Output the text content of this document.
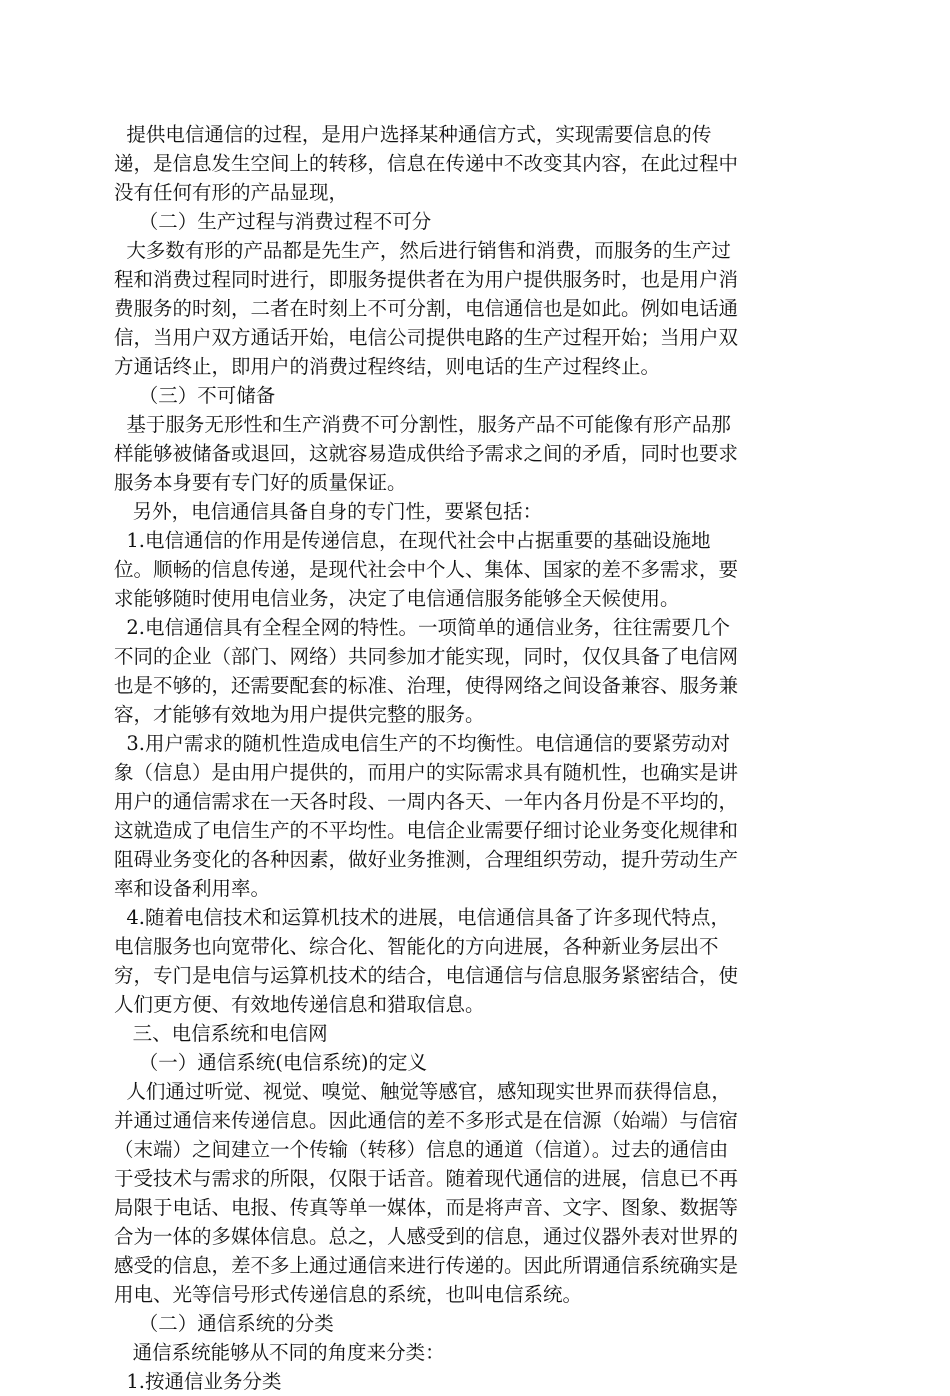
提供电信通信的过程，是用户选择某种通信方式，实现需要信息的传
递，是信息发生空间上的转移，信息在传递中不改变其内容，在此过程中
没有任何有形的产品显现，
（二）生产过程与消费过程不可分
大多数有形的产品都是先生产，然后进行销售和消费，而服务的生产过
程和消费过程同时进行，即服务提供者在为用户提供服务时，也是用户消
费服务的时刻，二者在时刻上不可分割，电信通信也是如此。例如电话通
信，当用户双方通话开始，电信公司提供电路的生产过程开始；当用户双
方通话终止，即用户的消费过程终结，则电话的生产过程终止。
（三）不可储备
基于服务无形性和生产消费不可分割性，服务产品不可能像有形产品那
样能够被储备或退回，这就容易造成供给予需求之间的矛盾，同时也要求
服务本身要有专门好的质量保证。
另外，电信通信具备自身的专门性，要紧包括：
1.电信通信的作用是传递信息，在现代社会中占据重要的基础设施地
位。顺畅的信息传递，是现代社会中个人、集体、国家的差不多需求，要
求能够随时使用电信业务，决定了电信通信服务能够全天候使用。
2.电信通信具有全程全网的特性。一项简单的通信业务，往往需要几个
不同的企业（部门、网络）共同参加才能实现，同时，仅仅具备了电信网
也是不够的，还需要配套的标准、治理，使得网络之间设备兼容、服务兼
容，才能够有效地为用户提供完整的服务。
3.用户需求的随机性造成电信生产的不均衡性。电信通信的要紧劳动对
象（信息）是由用户提供的，而用户的实际需求具有随机性，也确实是讲
用户的通信需求在一天各时段、一周内各天、一年内各月份是不平均的，
这就造成了电信生产的不平均性。电信企业需要仔细讨论业务变化规律和
阻碍业务变化的各种因素，做好业务推测，合理组织劳动，提升劳动生产
率和设备利用率。
4.随着电信技术和运算机技术的进展，电信通信具备了许多现代特点，
电信服务也向宽带化、综合化、智能化的方向进展，各种新业务层出不
穷，专门是电信与运算机技术的结合，电信通信与信息服务紧密结合，使
人们更方便、有效地传递信息和猎取信息。
三、电信系统和电信网
（一）通信系统(电信系统)的定义
人们通过听觉、视觉、嗅觉、触觉等感官，感知现实世界而获得信息，
并通过通信来传递信息。因此通信的差不多形式是在信源（始端）与信宿
（末端）之间建立一个传输（转移）信息的通道（信道）。过去的通信由
于受技术与需求的所限，仅限于话音。随着现代通信的进展，信息已不再
局限于电话、电报、传真等单一媒体，而是将声音、文字、图象、数据等
合为一体的多媒体信息。总之，人感受到的信息，通过仪器外表对世界的
感受的信息，差不多上通过通信来进行传递的。因此所谓通信系统确实是
用电、光等信号形式传递信息的系统，也叫电信系统。
（二）通信系统的分类
通信系统能够从不同的角度来分类：
1.按通信业务分类
